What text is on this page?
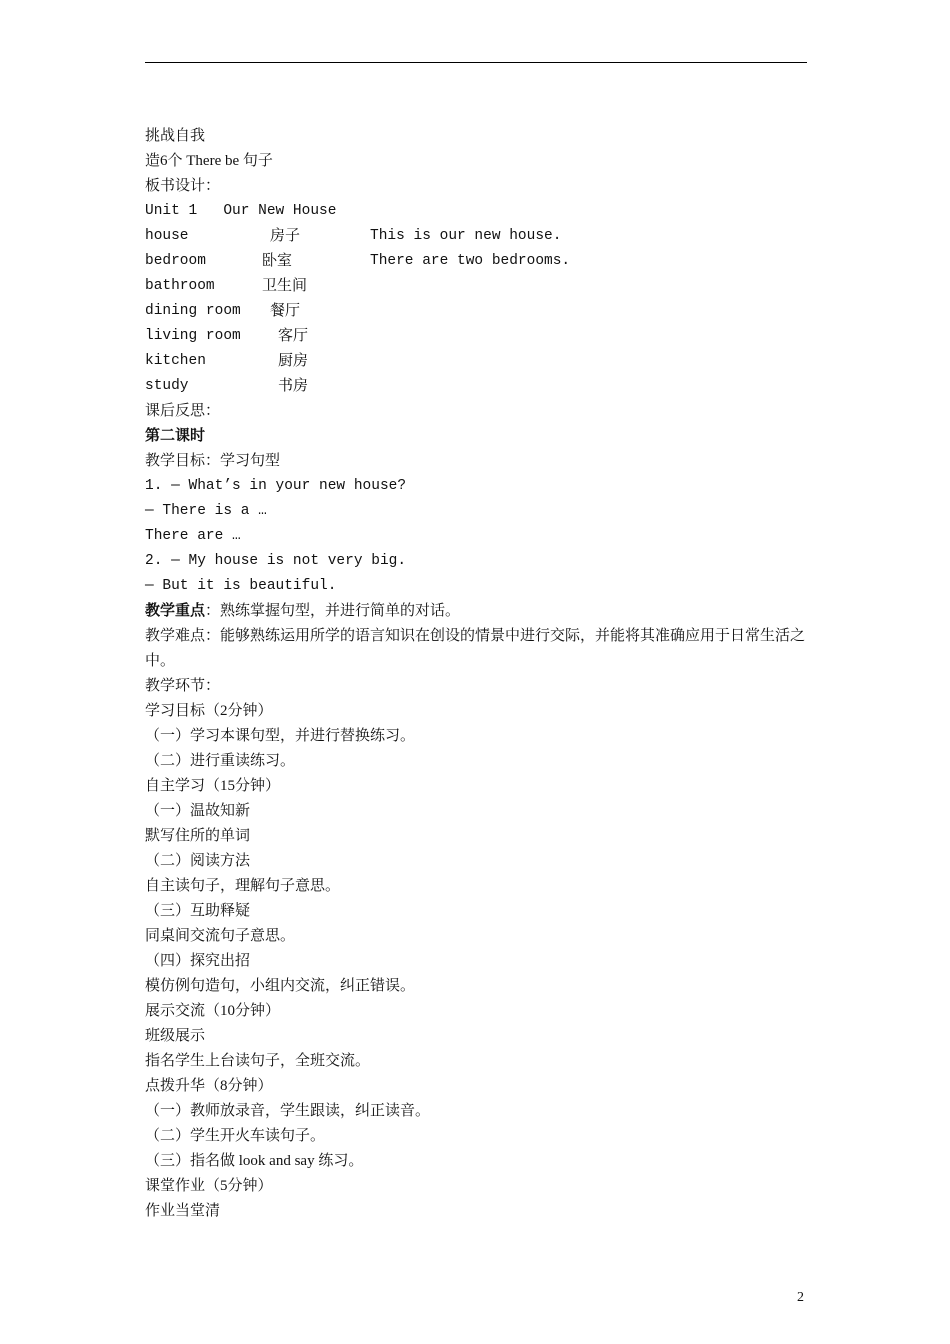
挑战自我
造6个 There be 句子
板书设计：
Unit 1   Our New House
house	房子	This is our new house.
bedroom	卧室	There are two bedrooms.
bathroom	卫生间
dining room	餐厅
living room	客厅
kitchen	厨房
study	书房
课后反思：
第二课时
教学目标：学习句型
1. — What’s in your new house?
— There is a …
There are …
2. — My house is not very big.
— But it is beautiful.
教学重点：熟练掌握句型，并进行简单的对话。
教学难点：能够熟练运用所学的语言知识在创设的情景中进行交际，并能将其准确应用于日常生活之中。
教学环节：
学习目标（2分钟）
（一）学习本课句型，并进行替换练习。
（二）进行重读练习。
自主学习（15分钟）
（一）温故知新
默写住所的单词
（二）阅读方法
自主读句子，理解句子意思。
（三）互助释疑
同桌间交流句子意思。
（四）探究出招
模仿例句造句，小组内交流，纠正错误。
展示交流（10分钟）
班级展示
指名学生上台读句子，全班交流。
点拨升华（8分钟）
（一）教师放录音，学生跟读，纠正读音。
（二）学生开火车读句子。
（三）指名做 look and say 练习。
课堂作业（5分钟）
作业当堂清
2
